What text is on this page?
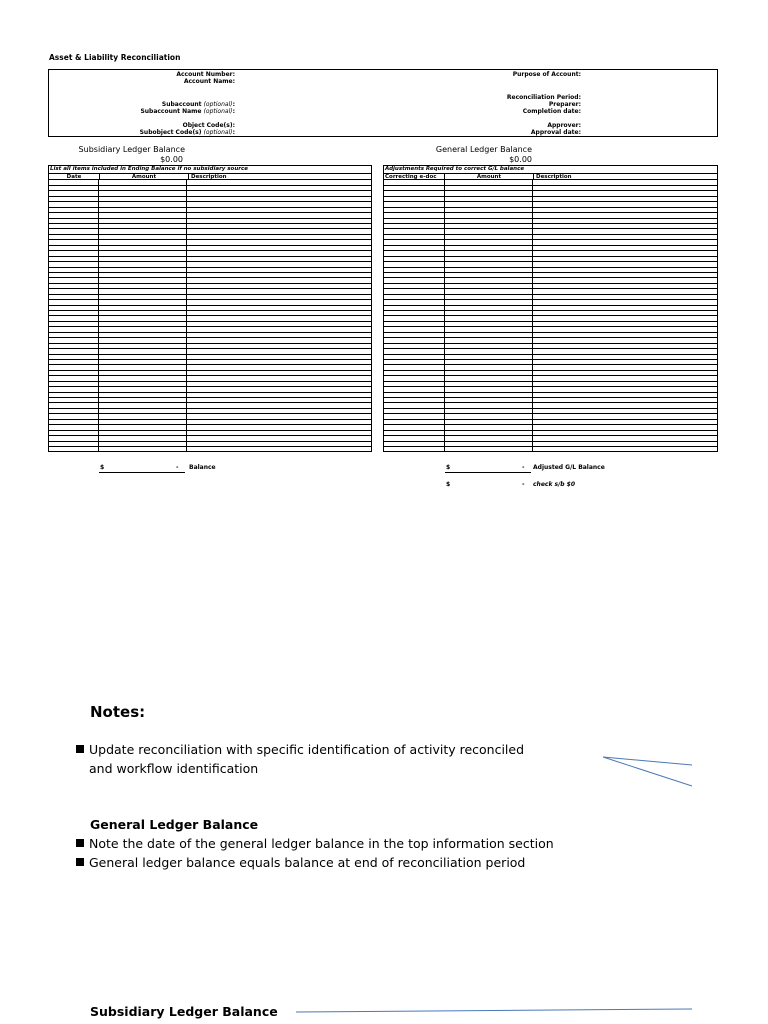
Asset & Liability Reconciliation
Account Number:
Account Name:
Subaccount (optional):
Subaccount Name (optional):
Object Code(s):
Subobject Code(s) (optional):
Purpose of Account:
Reconciliation Period:
Preparer:
Completion date:
Approver:
Approval date:
Subsidiary Ledger Balance
$0.00
List all items included in Ending Balance if no subsidiary source
Date	Amount	Description

$	- Balance
General Ledger Balance
$0.00
Adjustments Required to correct G/L balance
Correcting e-doc	Amount	Description

$	- Adjusted G/L Balance
$	- check s/b $0
Notes:
Update reconciliation with specific identification of activity reconciled
and workflow identification
General Ledger Balance
Note the date of the general ledger balance in the top information section
General ledger balance equals balance at end of reconciliation period
Subsidiary Ledger Balance
